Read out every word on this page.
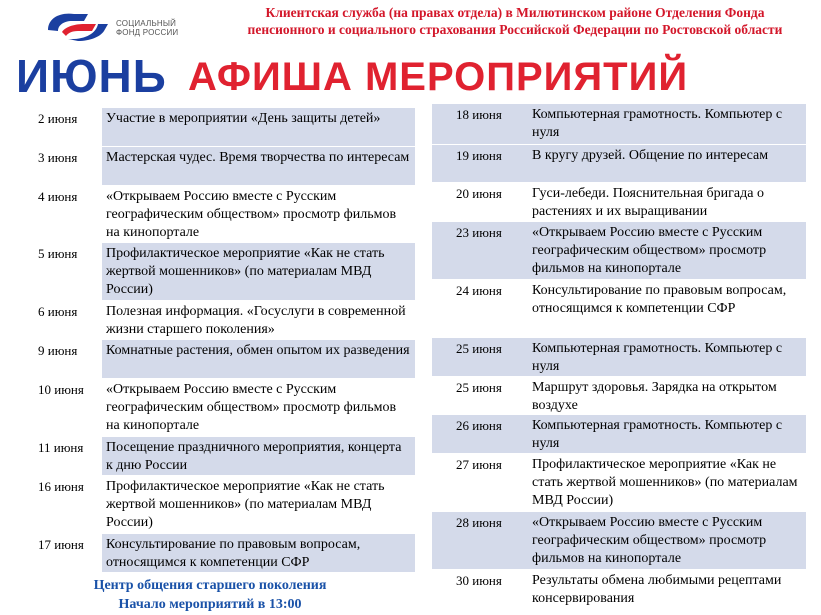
СОЦИАЛЬНЫЙ
ФОНД РОССИИ
Клиентская служба (на правах отдела) в Милютинском районе Отделения Фонда
пенсионного и социального страхования Российской Федерации по Ростовской области
ИЮНЬ АФИША МЕРОПРИЯТИЙ
2 июня	Участие в мероприятии «День защиты детей»
3 июня	Мастерская чудес. Время творчества по интересам
4 июня	«Открываем Россию вместе с Русским географическим обществом» просмотр фильмов на кинопортале
5 июня	Профилактическое мероприятие «Как не стать жертвой мошенников» (по материалам МВД России)
6 июня	Полезная информация. «Госуслуги в современной жизни старшего поколения»
9 июня	Комнатные растения, обмен опытом их разведения
10 июня	«Открываем Россию вместе с Русским географическим обществом» просмотр фильмов на кинопортале
11 июня	Посещение праздничного мероприятия, концерта к дню России
16 июня	Профилактическое мероприятие «Как не стать жертвой мошенников» (по материалам МВД России)
17 июня	Консультирование по правовым вопросам, относящимся к компетенции СФР
18 июня	Компьютерная грамотность. Компьютер с нуля
19 июня	В кругу друзей. Общение по интересам
20 июня	Гуси-лебеди. Пояснительная бригада о растениях и их выращивании
23 июня	«Открываем Россию вместе с Русским географическим обществом» просмотр фильмов на кинопортале
24 июня	Консультирование по правовым вопросам, относящимся к компетенции СФР
25 июня	Компьютерная грамотность. Компьютер с нуля
25 июня	Маршрут здоровья. Зарядка на открытом воздухе
26 июня	Компьютерная грамотность. Компьютер с нуля
27 июня	Профилактическое мероприятие «Как не стать жертвой мошенников» (по материалам МВД России)
28 июня	«Открываем Россию вместе с Русским географическим обществом» просмотр фильмов на кинопортале
30 июня	Результаты обмена любимыми рецептами консервирования
Центр общения старшего поколения
Начало мероприятий в 13:00
